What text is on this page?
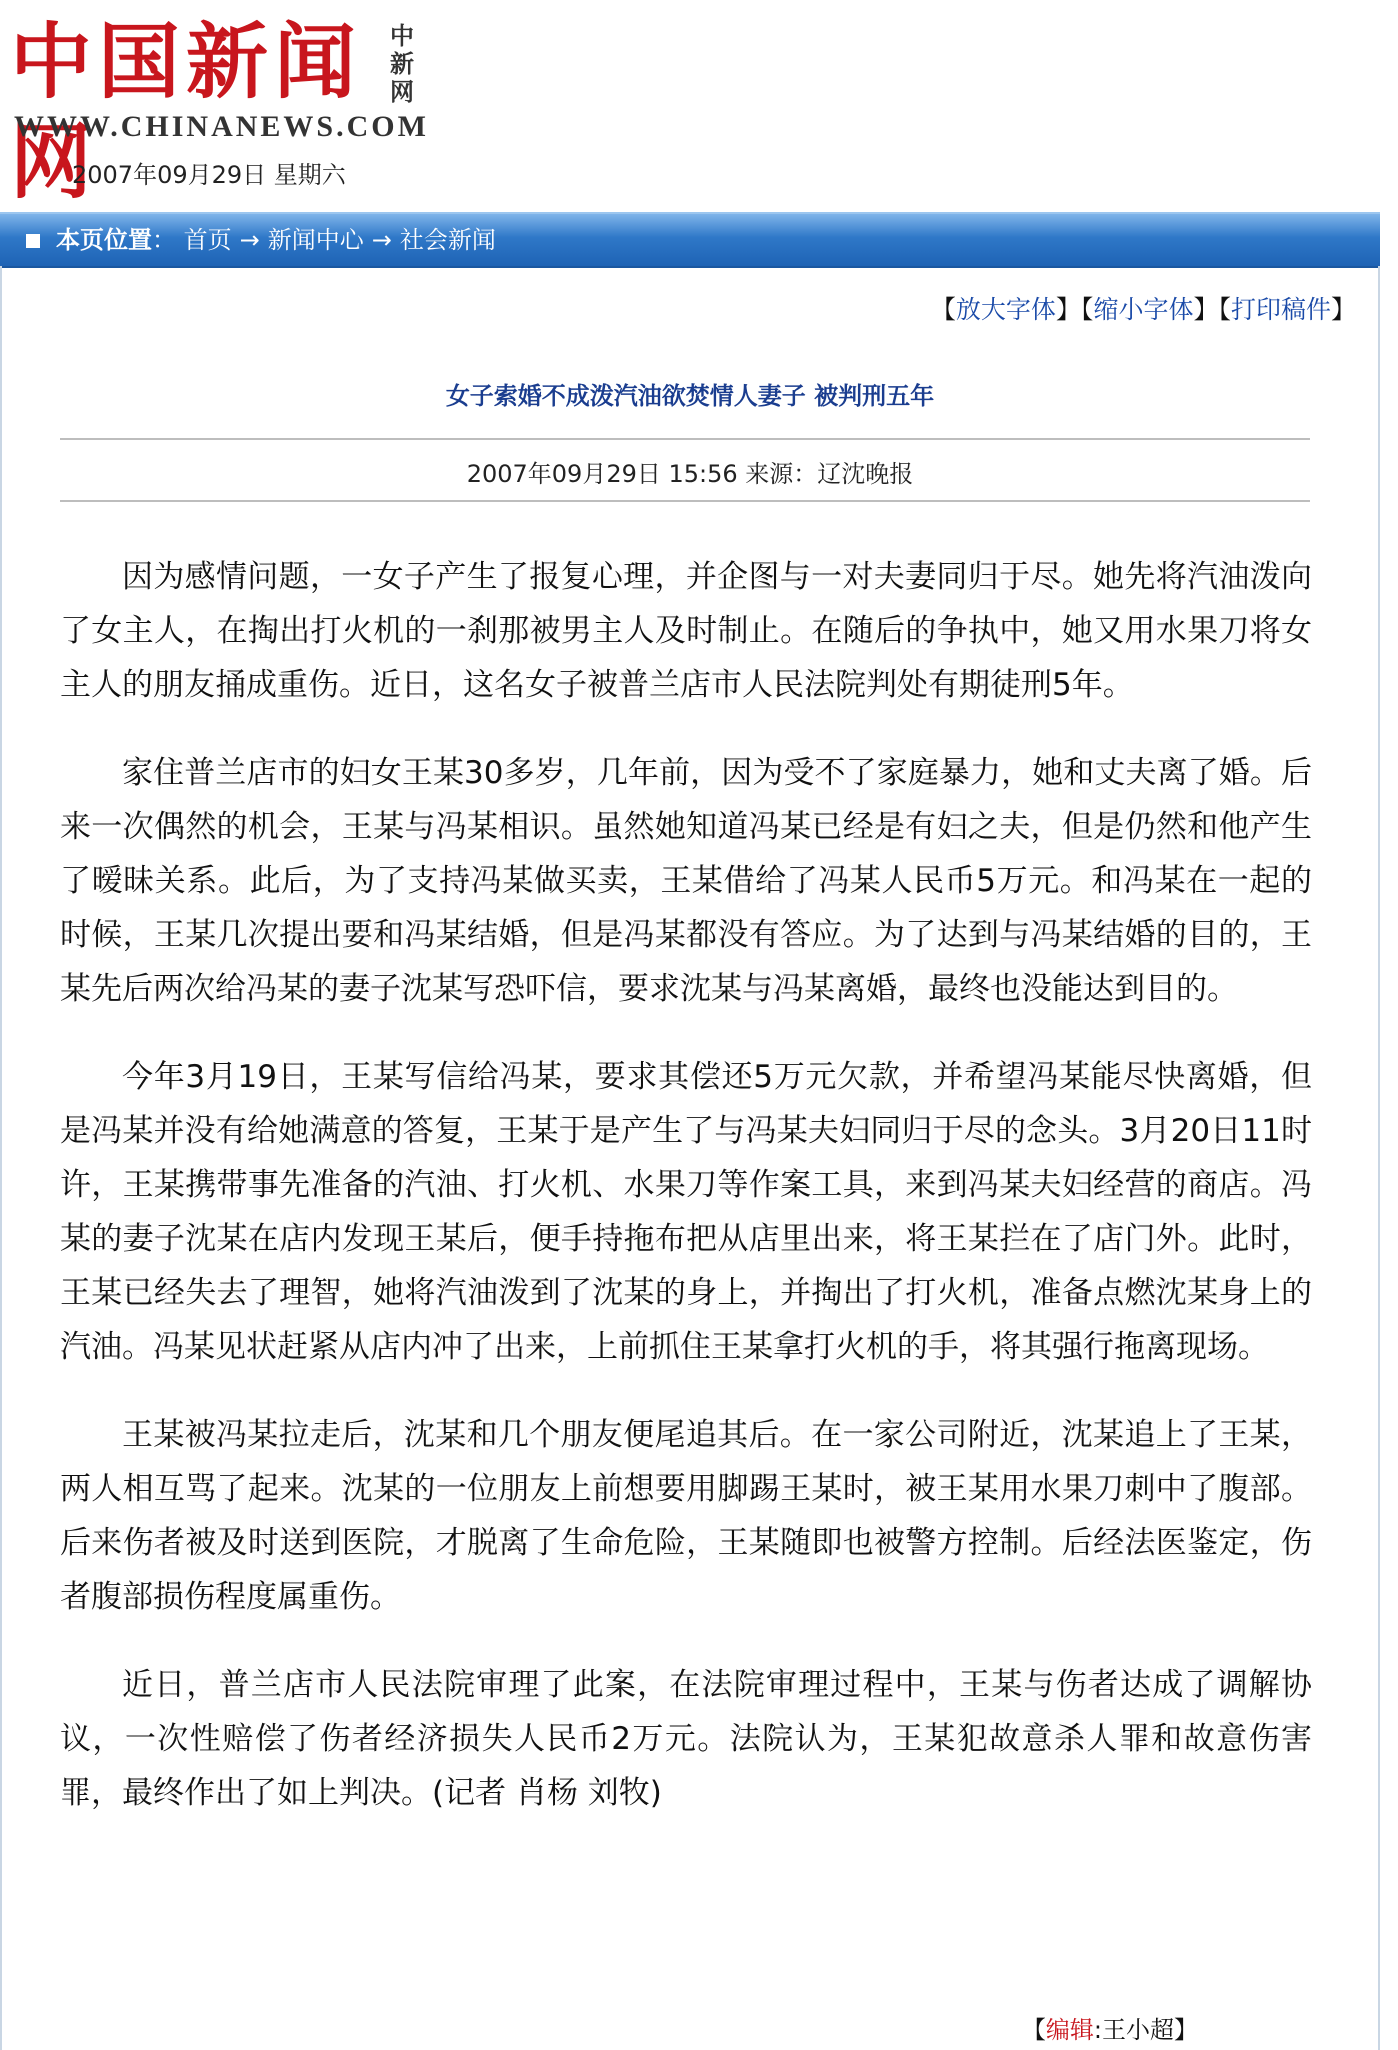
中国新闻网
中新网
WWW.CHINANEWS.COM
2007年09月29日 星期六
本页位置： 首页 → 新闻中心 → 社会新闻
【放大字体】【缩小字体】【打印稿件】
女子索婚不成泼汽油欲焚情人妻子 被判刑五年
2007年09月29日 15:56 来源：辽沈晚报

因为感情问题，一女子产生了报复心理，并企图与一对夫妻同归于尽。她先将汽油泼向了女主人，在掏出打火机的一刹那被男主人及时制止。在随后的争执中，她又用水果刀将女主人的朋友捅成重伤。近日，这名女子被普兰店市人民法院判处有期徒刑5年。

家住普兰店市的妇女王某30多岁，几年前，因为受不了家庭暴力，她和丈夫离了婚。后来一次偶然的机会，王某与冯某相识。虽然她知道冯某已经是有妇之夫，但是仍然和他产生了暧昧关系。此后，为了支持冯某做买卖，王某借给了冯某人民币5万元。和冯某在一起的时候，王某几次提出要和冯某结婚，但是冯某都没有答应。为了达到与冯某结婚的目的，王某先后两次给冯某的妻子沈某写恐吓信，要求沈某与冯某离婚，最终也没能达到目的。

今年3月19日，王某写信给冯某，要求其偿还5万元欠款，并希望冯某能尽快离婚，但是冯某并没有给她满意的答复，王某于是产生了与冯某夫妇同归于尽的念头。3月20日11时许，王某携带事先准备的汽油、打火机、水果刀等作案工具，来到冯某夫妇经营的商店。冯某的妻子沈某在店内发现王某后，便手持拖布把从店里出来，将王某拦在了店门外。此时，王某已经失去了理智，她将汽油泼到了沈某的身上，并掏出了打火机，准备点燃沈某身上的汽油。冯某见状赶紧从店内冲了出来，上前抓住王某拿打火机的手，将其强行拖离现场。

王某被冯某拉走后，沈某和几个朋友便尾追其后。在一家公司附近，沈某追上了王某，两人相互骂了起来。沈某的一位朋友上前想要用脚踢王某时，被王某用水果刀刺中了腹部。后来伤者被及时送到医院，才脱离了生命危险，王某随即也被警方控制。后经法医鉴定，伤者腹部损伤程度属重伤。

近日，普兰店市人民法院审理了此案，在法院审理过程中，王某与伤者达成了调解协议，一次性赔偿了伤者经济损失人民币2万元。法院认为，王某犯故意杀人罪和故意伤害罪，最终作出了如上判决。(记者 肖杨 刘牧)

【编辑:王小超】
